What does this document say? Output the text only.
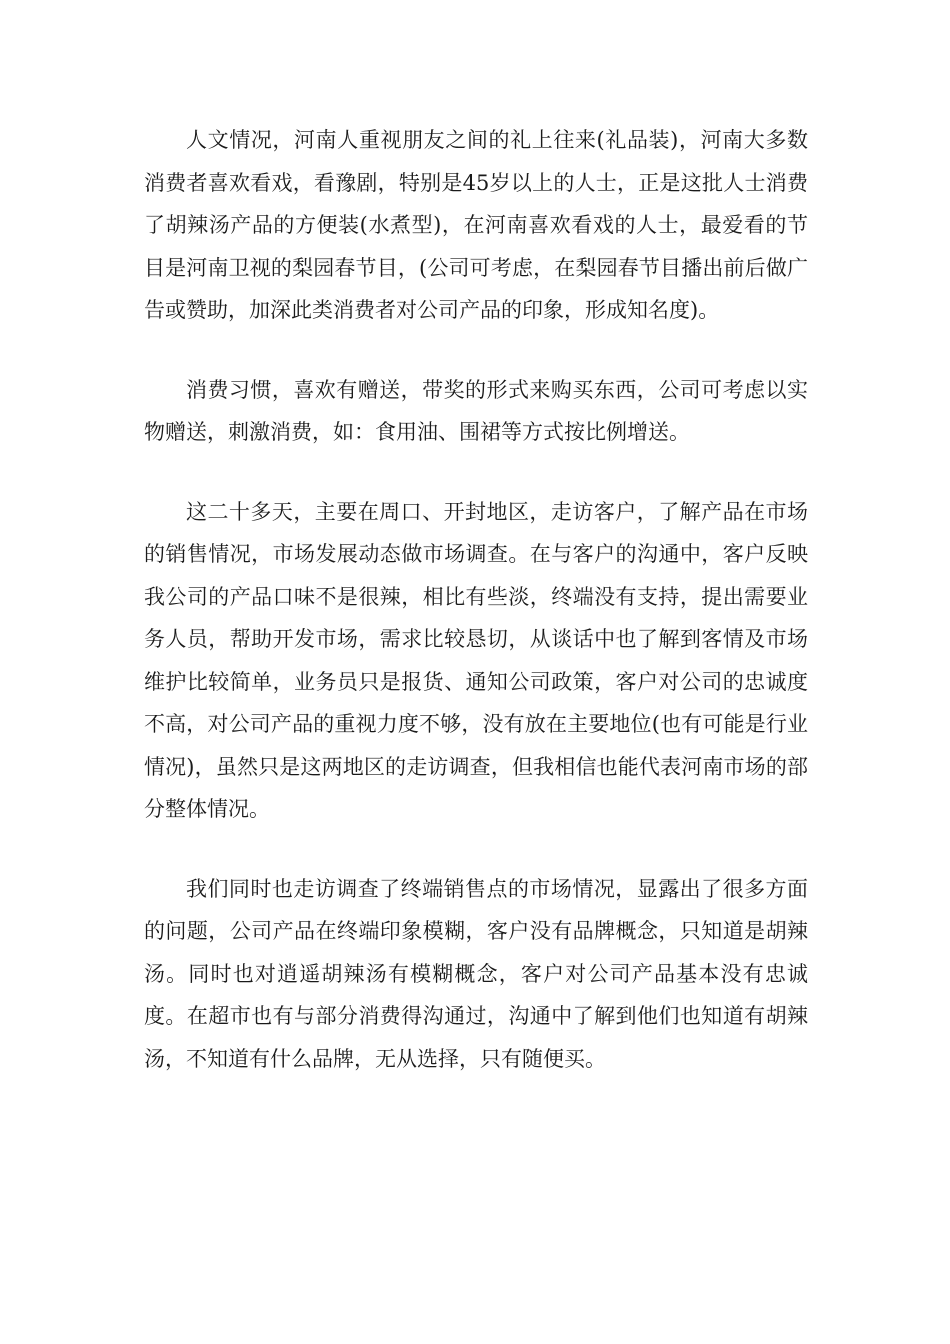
人文情况，河南人重视朋友之间的礼上往来(礼品装)，河南大多数消费者喜欢看戏，看豫剧，特别是45岁以上的人士，正是这批人士消费了胡辣汤产品的方便装(水煮型)，在河南喜欢看戏的人士，最爱看的节目是河南卫视的梨园春节目，(公司可考虑，在梨园春节目播出前后做广告或赞助，加深此类消费者对公司产品的印象，形成知名度)。

消费习惯，喜欢有赠送，带奖的形式来购买东西，公司可考虑以实物赠送，刺激消费，如：食用油、围裙等方式按比例增送。

这二十多天，主要在周口、开封地区，走访客户，了解产品在市场的销售情况，市场发展动态做市场调查。在与客户的沟通中，客户反映我公司的产品口味不是很辣，相比有些淡，终端没有支持，提出需要业务人员，帮助开发市场，需求比较恳切，从谈话中也了解到客情及市场维护比较简单，业务员只是报货、通知公司政策，客户对公司的忠诚度不高，对公司产品的重视力度不够，没有放在主要地位(也有可能是行业情况)，虽然只是这两地区的走访调查，但我相信也能代表河南市场的部分整体情况。

我们同时也走访调查了终端销售点的市场情况，显露出了很多方面的问题，公司产品在终端印象模糊，客户没有品牌概念，只知道是胡辣汤。同时也对逍遥胡辣汤有模糊概念，客户对公司产品基本没有忠诚度。在超市也有与部分消费得沟通过，沟通中了解到他们也知道有胡辣汤，不知道有什么品牌，无从选择，只有随便买。
